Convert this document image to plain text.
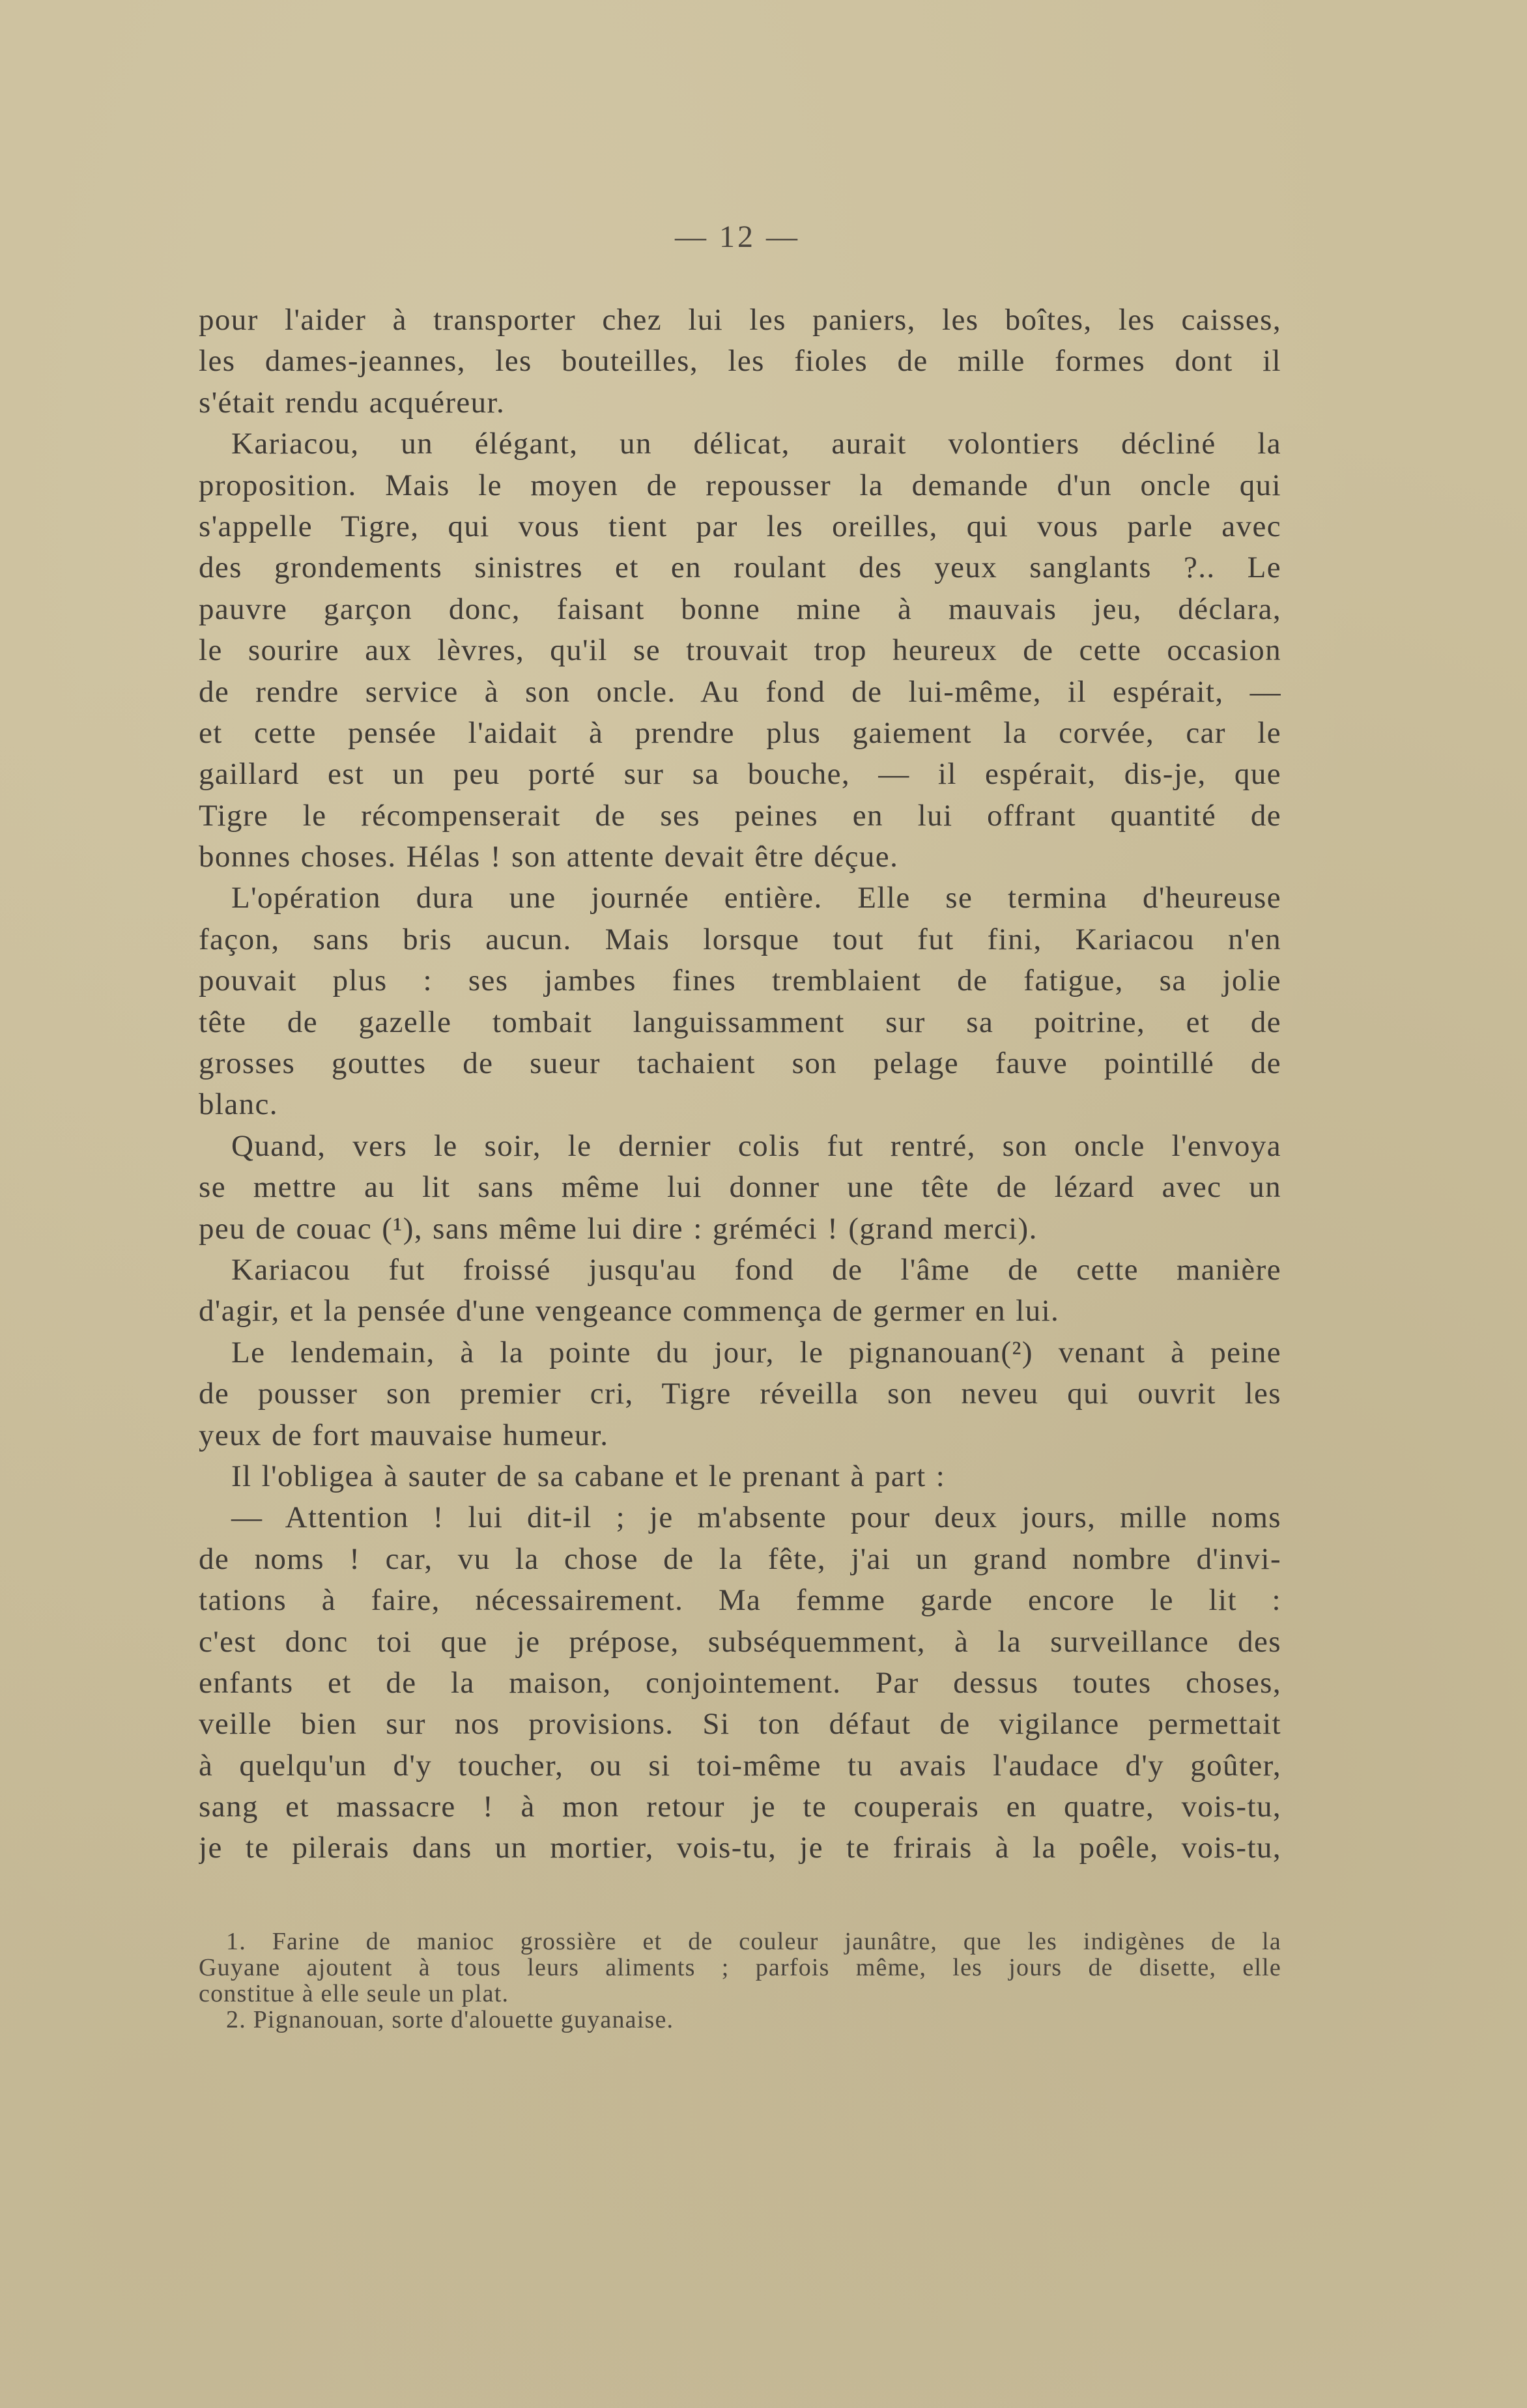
— 12 —
pour l'aider à transporter chez lui les paniers, les boîtes, les caisses,
les dames-jeannes, les bouteilles, les fioles de mille formes dont il
s'était rendu acquéreur.
Kariacou, un élégant, un délicat, aurait volontiers décliné la
proposition. Mais le moyen de repousser la demande d'un oncle qui
s'appelle Tigre, qui vous tient par les oreilles, qui vous parle avec
des grondements sinistres et en roulant des yeux sanglants ?.. Le
pauvre garçon donc, faisant bonne mine à mauvais jeu, déclara,
le sourire aux lèvres, qu'il se trouvait trop heureux de cette occasion
de rendre service à son oncle. Au fond de lui-même, il espérait, —
et cette pensée l'aidait à prendre plus gaiement la corvée, car le
gaillard est un peu porté sur sa bouche, — il espérait, dis-je, que
Tigre le récompenserait de ses peines en lui offrant quantité de
bonnes choses. Hélas ! son attente devait être déçue.
L'opération dura une journée entière. Elle se termina d'heureuse
façon, sans bris aucun. Mais lorsque tout fut fini, Kariacou n'en
pouvait plus : ses jambes fines tremblaient de fatigue, sa jolie
tête de gazelle tombait languissamment sur sa poitrine, et de
grosses gouttes de sueur tachaient son pelage fauve pointillé de
blanc.
Quand, vers le soir, le dernier colis fut rentré, son oncle l'envoya
se mettre au lit sans même lui donner une tête de lézard avec un
peu de couac (¹), sans même lui dire : gréméci ! (grand merci).
Kariacou fut froissé jusqu'au fond de l'âme de cette manière
d'agir, et la pensée d'une vengeance commença de germer en lui.
Le lendemain, à la pointe du jour, le pignanouan(²) venant à peine
de pousser son premier cri, Tigre réveilla son neveu qui ouvrit les
yeux de fort mauvaise humeur.
Il l'obligea à sauter de sa cabane et le prenant à part :
— Attention ! lui dit-il ; je m'absente pour deux jours, mille noms
de noms ! car, vu la chose de la fête, j'ai un grand nombre d'invi-
tations à faire, nécessairement. Ma femme garde encore le lit :
c'est donc toi que je prépose, subséquemment, à la surveillance des
enfants et de la maison, conjointement. Par dessus toutes choses,
veille bien sur nos provisions. Si ton défaut de vigilance permettait
à quelqu'un d'y toucher, ou si toi-même tu avais l'audace d'y goûter,
sang et massacre ! à mon retour je te couperais en quatre, vois-tu,
je te pilerais dans un mortier, vois-tu, je te frirais à la poêle, vois-tu,
1. Farine de manioc grossière et de couleur jaunâtre, que les indigènes de la
Guyane ajoutent à tous leurs aliments ; parfois même, les jours de disette, elle
constitue à elle seule un plat.
2. Pignanouan, sorte d'alouette guyanaise.
